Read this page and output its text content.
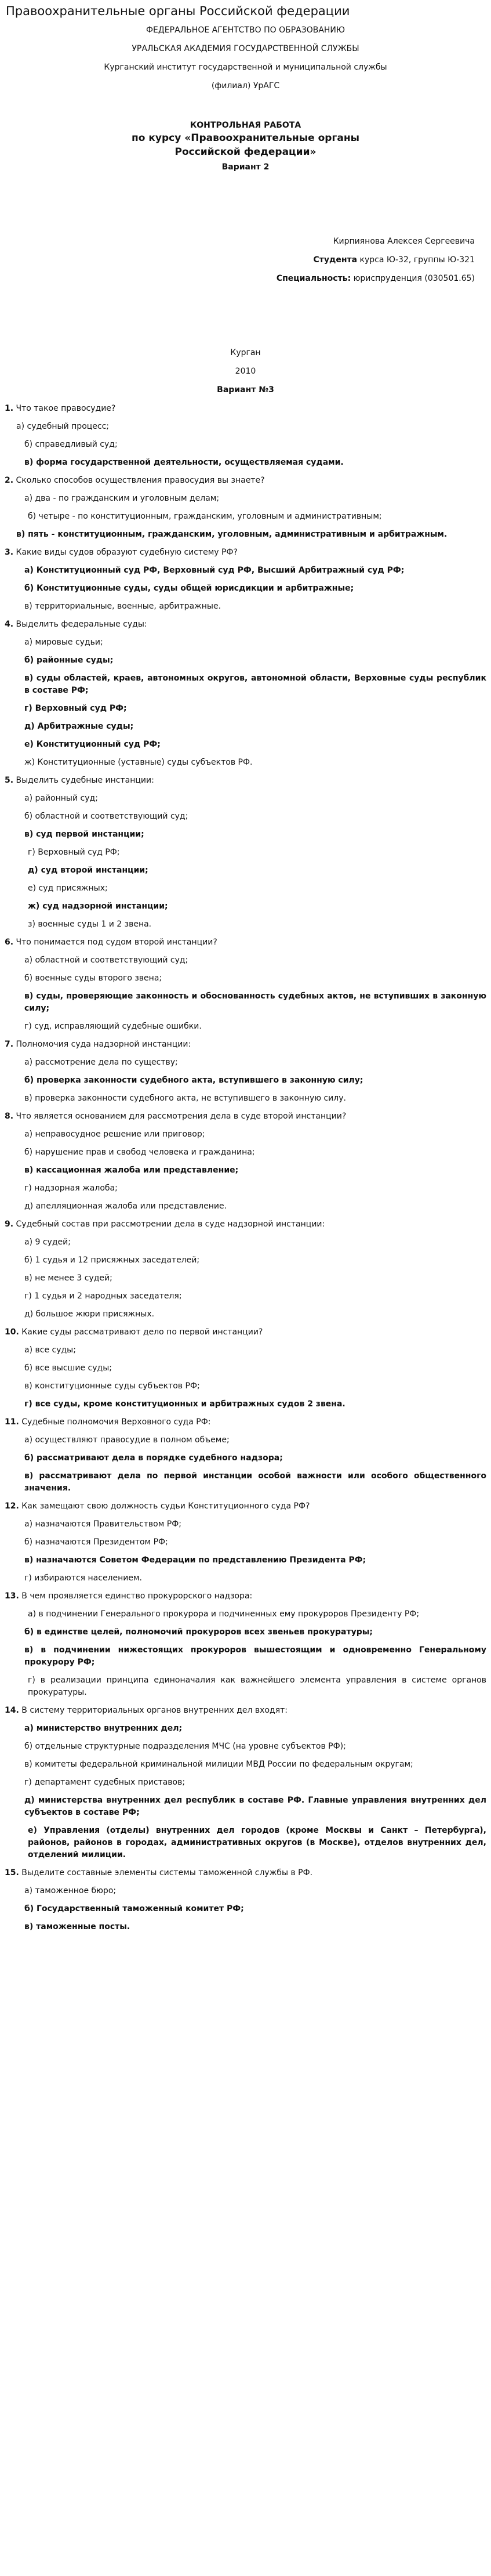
Правоохранительные органы Российской федерации
ФЕДЕРАЛЬНОЕ АГЕНТСТВО ПО ОБРАЗОВАНИЮ
УРАЛЬСКАЯ АКАДЕМИЯ ГОСУДАРСТВЕННОЙ СЛУЖБЫ
Курганский институт государственной и муниципальной службы
(филиал) УрАГС
КОНТРОЛЬНАЯ РАБОТА
по курсу «Правоохранительные органы
Российской федерации»
Вариант 2
Кирпиянова Алексея Сергеевича
Студента курса Ю-32, группы Ю-321
Специальность: юриспруденция (030501.65)
Курган
2010
Вариант №3
1. Что такое правосудие?
а) судебный процесс;
б) справедливый суд;
в) форма государственной деятельности, осуществляемая судами.
2. Сколько способов осуществления правосудия вы знаете?
а) два - по гражданским и уголовным делам;
б) четыре - по конституционным, гражданским, уголовным и административным;
в) пять - конституционным, гражданским, уголовным, административным и арбитражным.
3. Какие виды судов образуют судебную систему РФ?
а) Конституционный суд РФ, Верховный суд РФ, Высший Арбитражный суд РФ;
б) Конституционные суды, суды общей юрисдикции и арбитражные;
в) территориальные, военные, арбитражные.
4. Выделить федеральные суды:
а) мировые судьи;
б) районные суды;
в) суды областей, краев, автономных округов, автономной области, Верховные суды республик в составе РФ;
г) Верховный суд РФ;
д) Арбитражные суды;
е) Конституционный суд РФ;
ж) Конституционные (уставные) суды субъектов РФ.
5. Выделить судебные инстанции:
а) районный суд;
б) областной и соответствующий суд;
в) суд первой инстанции;
г) Верховный суд РФ;
д) суд второй инстанции;
е) суд присяжных;
ж) суд надзорной инстанции;
з) военные суды 1 и 2 звена.
6. Что понимается под судом второй инстанции?
а) областной и соответствующий суд;
б) военные суды второго звена;
в) суды, проверяющие законность и обоснованность судебных актов, не вступивших в законную силу;
г) суд, исправляющий судебные ошибки.
7. Полномочия суда надзорной инстанции:
а) рассмотрение дела по существу;
б) проверка законности судебного акта, вступившего в законную силу;
в) проверка законности судебного акта, не вступившего в законную силу.
8. Что является основанием для рассмотрения дела в суде второй инстанции?
а) неправосудное решение или приговор;
б) нарушение прав и свобод человека и гражданина;
в) кассационная жалоба или представление;
г) надзорная жалоба;
д) апелляционная жалоба или представление.
9. Судебный состав при рассмотрении дела в суде надзорной инстанции:
а) 9 судей;
б) 1 судья и 12 присяжных заседателей;
в) не менее 3 судей;
г) 1 судья и 2 народных заседателя;
д) большое жюри присяжных.
10. Какие суды рассматривают дело по первой инстанции?
а) все суды;
б) все высшие суды;
в) конституционные суды субъектов РФ;
г) все суды, кроме конституционных и арбитражных судов 2 звена.
11. Судебные полномочия Верховного суда РФ:
а) осуществляют правосудие в полном объеме;
б) рассматривают дела в порядке судебного надзора;
в) рассматривают дела по первой инстанции особой важности или особого общественного значения.
12. Как замещают свою должность судьи Конституционного суда РФ?
а) назначаются Правительством РФ;
б) назначаются Президентом РФ;
в) назначаются Советом Федерации по представлению Президента РФ;
г) избираются населением.
13. В чем проявляется единство прокурорского надзора:
а) в подчинении Генерального прокурора и подчиненных ему прокуроров Президенту РФ;
б) в единстве целей, полномочий прокуроров всех звеньев прокуратуры;
в) в подчинении нижестоящих прокуроров вышестоящим и одновременно Генеральному прокурору РФ;
г) в реализации принципа единоначалия как важнейшего элемента управления в системе органов прокуратуры.
14. В систему территориальных органов внутренних дел входят:
а) министерство внутренних дел;
б) отдельные структурные подразделения МЧС (на уровне субъектов РФ);
в) комитеты федеральной криминальной милиции МВД России по федеральным округам;
г) департамент судебных приставов;
д) министерства внутренних дел республик в составе РФ. Главные управления внутренних дел субъектов в составе РФ;
е) Управления (отделы) внутренних дел городов (кроме Москвы и Санкт – Петербурга), районов, районов в городах, административных округов (в Москве), отделов внутренних дел, отделений милиции.
15. Выделите составные элементы системы таможенной службы в РФ.
а) таможенное бюро;
б) Государственный таможенный комитет РФ;
в) таможенные посты.
